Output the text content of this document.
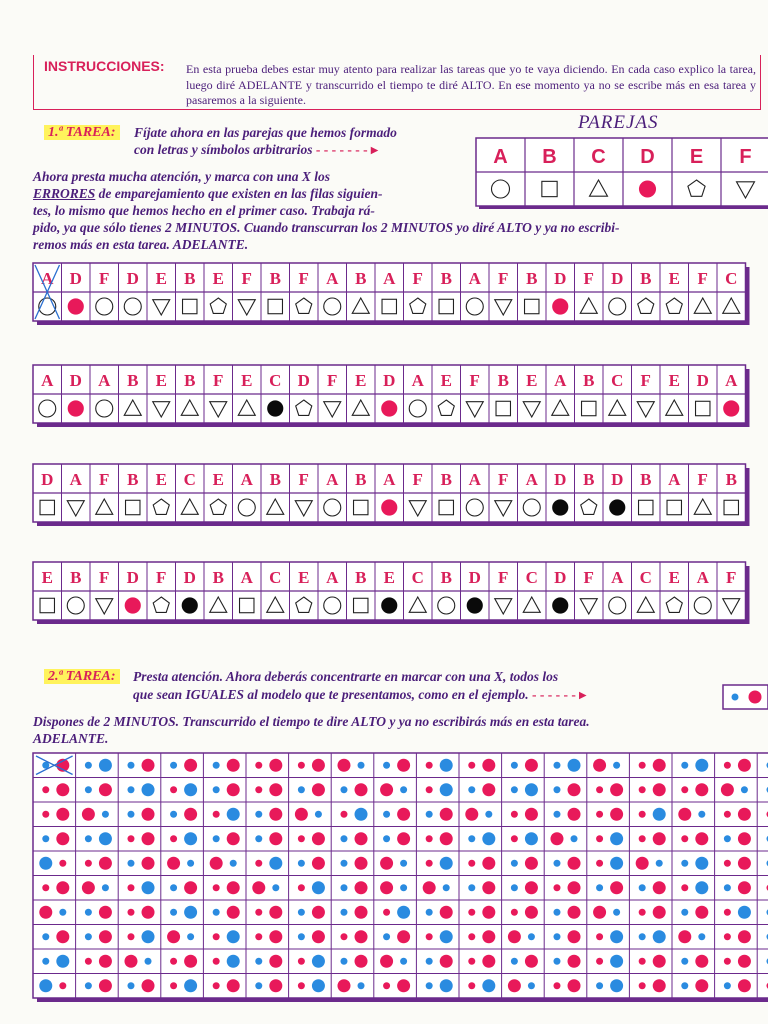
INSTRUCCIONES: En esta prueba debes estar muy atento para realizar las tareas que yo te vaya diciendo. En cada caso explico la tarea, luego diré ADELANTE y transcurrido el tiempo te diré ALTO. En ese momento ya no se escribe más en esa tarea y pasaremos a la siguiente.
1.ª TAREA: Fíjate ahora en las parejas que hemos formado
con letras y símbolos arbitrarios - - - - - - - ▸
Ahora presta mucha atención, y marca con una X los
ERRORES de emparejamiento que existen en las filas siguien-
tes, lo mismo que hemos hecho en el primer caso. Trabaja rá-
pido, ya que sólo tienes 2 MINUTOS. Cuando transcurran los 2 MINUTOS yo diré ALTO y ya no escribi-
remos más en esta tarea. ADELANTE.
PAREJAS
2.ª TAREA: Presta atención. Ahora deberás concentrarte en marcar con una X, todos los
que sean IGUALES al modelo que te presentamos, como en el ejemplo. - - - - - - ▸
Dispones de 2 MINUTOS. Transcurrido el tiempo te dire ALTO y ya no escribirás más en esta tarea.
ADELANTE.
A B C D E F
A D F D E B E F B F A B A F B A F B D F D B E F C
A D A B E B F E C D F E D A E F B E A B C F E D A
D A F B E C E A B F A B A F B A F A D B D B A F B
E B F D F D B A C E A B E C B D F C D F A C E A F
